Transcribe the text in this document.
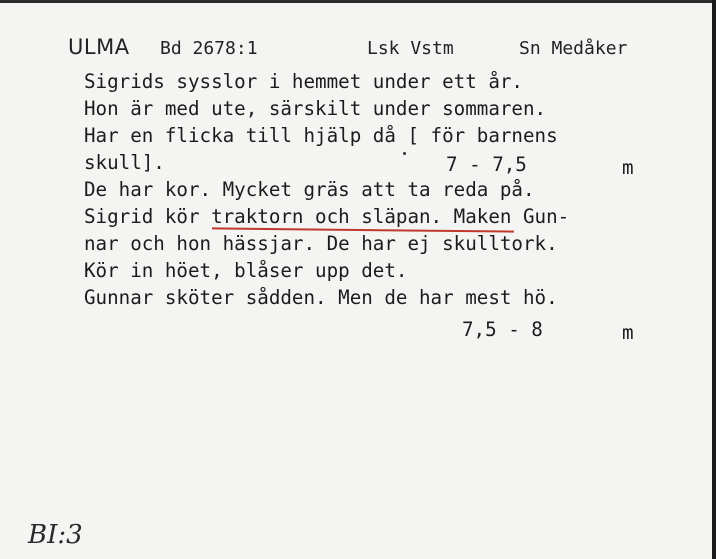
ULMA Bd 2678:1	Lsk Vstm	Sn Medåker
Sigrids sysslor i hemmet under ett år.
Hon är med ute, särskilt under sommaren.
Har en flicka till hjälp då [ för barnens
skull].	7 - 7,5	m
De har kor. Mycket gräs att ta reda på.
Sigrid kör traktorn och släpan. Maken Gun-
nar och hon hässjar. De har ej skulltork.
Kör in höet, blåser upp det.
Gunnar sköter sådden. Men de har mest hö.
7,5 - 8	m
BI:3
